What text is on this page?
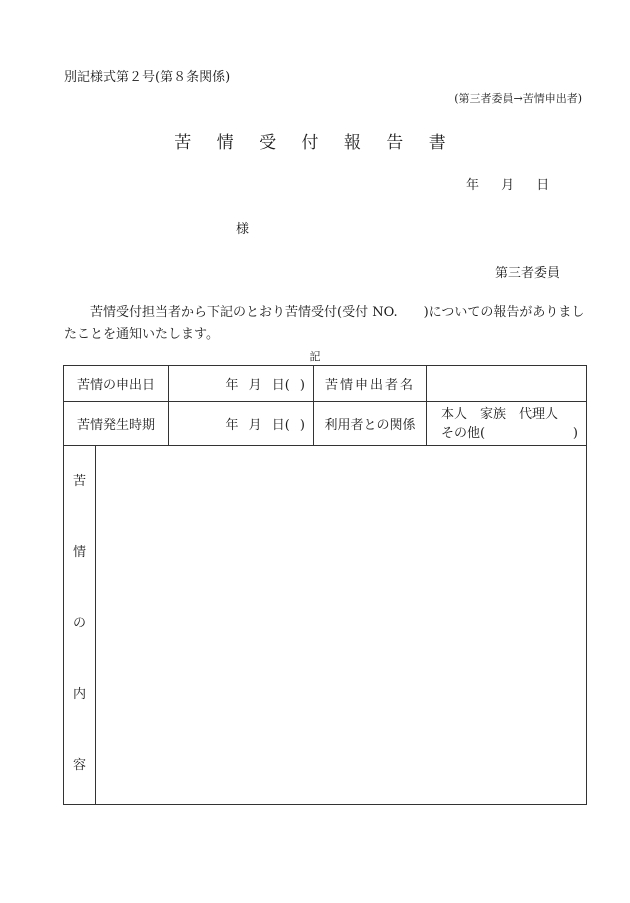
別記様式第２号(第８条関係)
(第三者委員→苦情申出者)
苦 情 受 付 報 告 書
年 月 日
様
第三者委員
苦情受付担当者から下記のとおり苦情受付(受付 NO.　　)についての報告がありましたことを通知いたします。
記
苦情の申出日	年 月 日( )	苦情申出者名	
苦情発生時期	年 月 日( )	利用者との関係	本人　家族　代理人
その他( )

苦
情
の
内
容			
